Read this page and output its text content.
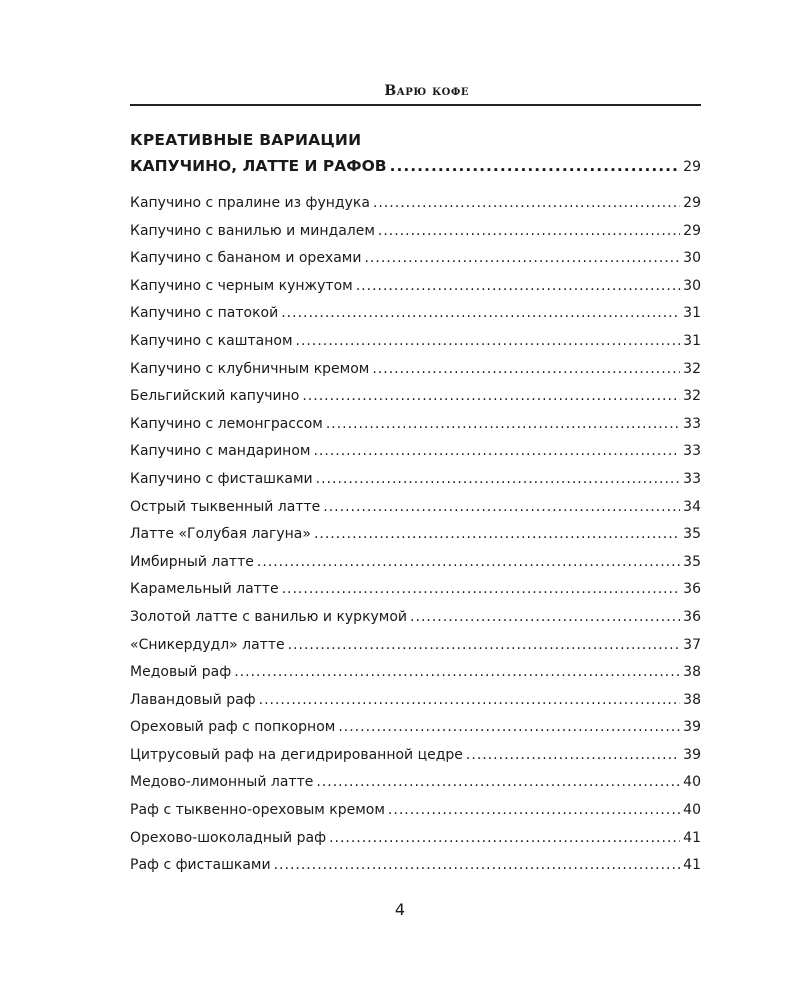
Варю кофе
КРЕАТИВНЫЕ ВАРИАЦИИ
КАПУЧИНО, ЛАТТЕ И РАФОВ .....	29
Капучино с пралине из фундука .....	29
Капучино с ванилью и миндалем .....	29
Капучино с бананом и орехами .....	30
Капучино с черным кунжутом .....	30
Капучино с патокой .....	31
Капучино с каштаном .....	31
Капучино с клубничным кремом .....	32
Бельгийский капучино .....	32
Капучино с лемонграссом .....	33
Капучино с мандарином .....	33
Капучино с фисташками .....	33
Острый тыквенный латте .....	34
Латте «Голубая лагуна» .....	35
Имбирный латте .....	35
Карамельный латте .....	36
Золотой латте с ванилью и куркумой .....	36
«Сникердудл» латте .....	37
Медовый раф .....	38
Лавандовый раф .....	38
Ореховый раф с попкорном .....	39
Цитрусовый раф на дегидрированной цедре .....	39
Медово-лимонный латте .....	40
Раф с тыквенно-ореховым кремом .....	40
Орехово-шоколадный раф .....	41
Раф с фисташками .....	41
4
